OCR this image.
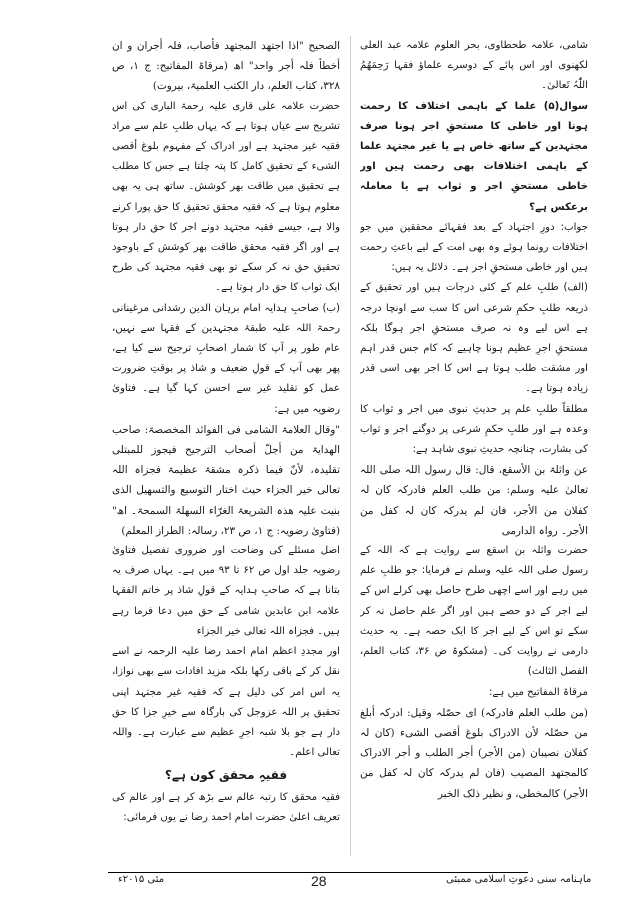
شامی، علامہ طحطاوی، بحر العلوم علامہ عبد العلی لکھنوی اور اس پائے کے دوسرے علماؤ فقہا رَحِمَھُمُ اللّٰہُ تَعالیٰ۔

سوال(۵) علما کے باہمی اختلاف کا رحمت ہونا اور خاطی کا مستحقِ اجر ہونا صرف مجتہدین کے ساتھ خاص ہے یا غیر مجتہد علما کے باہمی اختلافات بھی رحمت ہیں اور خاطی مستحقِ اجر و ثواب ہے یا معاملہ برعکس ہے؟

جواب: دورِ اجتہاد کے بعد فقہائے محققین میں جو اختلافات رونما ہوئے وہ بھی امت کے لیے باعثِ رحمت ہیں اور خاطی مستحقِ اجر ہے۔ دلائل یہ ہیں:

(الف) طلبِ علم کے کئی درجات ہیں اور تحقیق کے ذریعہ طلبِ حکمِ شرعی اس کا سب سے اونچا درجہ ہے اس لیے وہ نہ صرف مستحقِ اجر ہوگا بلکہ مستحقِ اجرِ عظیم ہونا چاہیے کہ کام جس قدر اہم اور مشقت طلب ہوتا ہے اس کا اجر بھی اسی قدر زیادہ ہوتا ہے۔

مطلقاً طلبِ علم پر حدیثِ نبوی میں اجر و ثواب کا وعدہ ہے اور طلبِ حکمِ شرعی پر دوگنے اجر و ثواب کی بشارت، چنانچہ حدیثِ نبوی شاہد ہے:

عن واثلۃ بن الأسقع، قال: قال رسول اللہ صلی اللہ تعالیٰ علیہ وسلم: من طلب العلم فادرکہ کان لہ کفلان من الأجر، فان لم یدرکہ کان لہ کفل من الأجر۔ رواہ الدارمی

حضرت واثلہ بن اسقع سے روایت ہے کہ اللہ کے رسول صلی اللہ علیہ وسلم نے فرمایا: جو طلبِ علم میں رہے اور اسے اچھی طرح حاصل بھی کرلے اس کے لیے اجر کے دو حصے ہیں اور اگر علم حاصل نہ کر سکے تو اس کے لیے اجر کا ایک حصہ ہے۔ یہ حدیث دارمی نے روایت کی۔ (مشکوۃ ص ۳۶، کتاب العلم، الفصل الثالث)

مرقاۃ المفاتیح میں ہے:

(من طلب العلم فادرکہ) ای حصّلہ وقیل: ادرکہ أبلغ من حصّلہ لأن الادراک بلوغ أقصی الشیء (کان لہ کفلان نصیبان (من الأجر) أجر الطلب و أجر الادراک کالمجتھد المصیب (فان لم یدرکہ کان لہ کفل من الأجر) کالمخطی، و نظیر ذلک الخبر

الصحیح "اذا اجتھد المجتھد فأصاب، فلہ أجران و ان أخطأ فلہ أجر واحد" اھ (مرقاۃ المفاتیح: ج ۱، ص ۳۲۸، کتاب العلم، دار الکتب العلمیۃ، بیروت)

حضرت علامہ علی قاری علیہ رحمۃ الباری کی اس تشریح سے عیاں ہوتا ہے کہ یہاں طلبِ علم سے مراد فقیہ غیر مجتہد ہے اور ادراک کے مفہوم بلوغ أقصی الشیء کے تحقیق کامل کا پتہ چلتا ہے جس کا مطلب ہے تحقیق میں طاقت بھر کوشش۔ ساتھ ہی یہ بھی معلوم ہوتا ہے کہ فقیہ محقق تحقیق کا حق پورا کرنے والا ہے، جیسے فقیہ مجتہد دونے اجر کا حق دار ہوتا ہے اور اگر فقیہ محقق طاقت بھر کوشش کے باوجود تحقیق حق نہ کر سکے تو بھی فقیہ مجتہد کی طرح ایک ثواب کا حق دار ہوتا ہے۔

(ب) صاحبِ ہدایہ امام برہان الدین رشدانی مرغینانی رحمۃ اللہ علیہ طبقۂ مجتہدین کے فقہا سے نہیں، عام طور پر آپ کا شمار اصحابِ ترجیح سے کیا ہے، پھر بھی آپ کے قولِ ضعیف و شاذ پر بوقتِ ضرورت عمل کو تقلید غیر سے احسن کہا گیا ہے۔ فتاویٰ رضویہ میں ہے:

"وقال العلامۃ الشامی فی الفوائد المخصصۃ: صاحب الھدایۃ من أجلّ أصحاب الترجیح فیجوز للمبتلی تقلیدہ، لأنّ فیما ذکرہ مشقۃ عظیمۃ فجزاہ اللہ تعالی خیر الجزاء حیث اختار التوسیع والتسھیل الذی بنیت علیہ ھذہ الشریعۃ الغرّاء السھلۃ السمحۃ۔ اھ" (فتاویٰ رضویہ: ج ۱، ص ۲۳، رسالہ: الطراز المعلم)

اصل مسئلے کی وضاحت اور ضروری تفصیل فتاویٰ رضویہ جلد اول ص ۶۲ تا ۹۳ میں ہے۔ یہاں صرف یہ بتانا ہے کہ صاحبِ ہدایہ کے قولِ شاذ پر خاتم الفقہا علامہ ابن عابدین شامی کے حق میں دعا فرما رہے ہیں۔ فجزاہ اللہ تعالی خیر الجزاء

اور مجددِ اعظم امام احمد رضا علیہ الرحمہ نے اسے نقل کر کے باقی رکھا بلکہ مزید افادات سے بھی نوازا، یہ اس امر کی دلیل ہے کہ فقیہ غیر مجتہد اپنی تحقیق پر اللہ عزوجل کی بارگاہ سے خیرِ جزا کا حق دار ہے جو بلا شبہ اجرِ عظیم سے عبارت ہے۔ واللہ تعالی اعلم۔

فقیہِ محقق کون ہے؟

فقیہ محقق کا رتبہ عالم سے بڑھ کر ہے اور عالم کی تعریف اعلیٰ حضرت امام احمد رضا نے یوں فرمائی:

ماہنامہ سنی دعوتِ اسلامی ممبئی
28
مئی ۲۰۱۵ء
